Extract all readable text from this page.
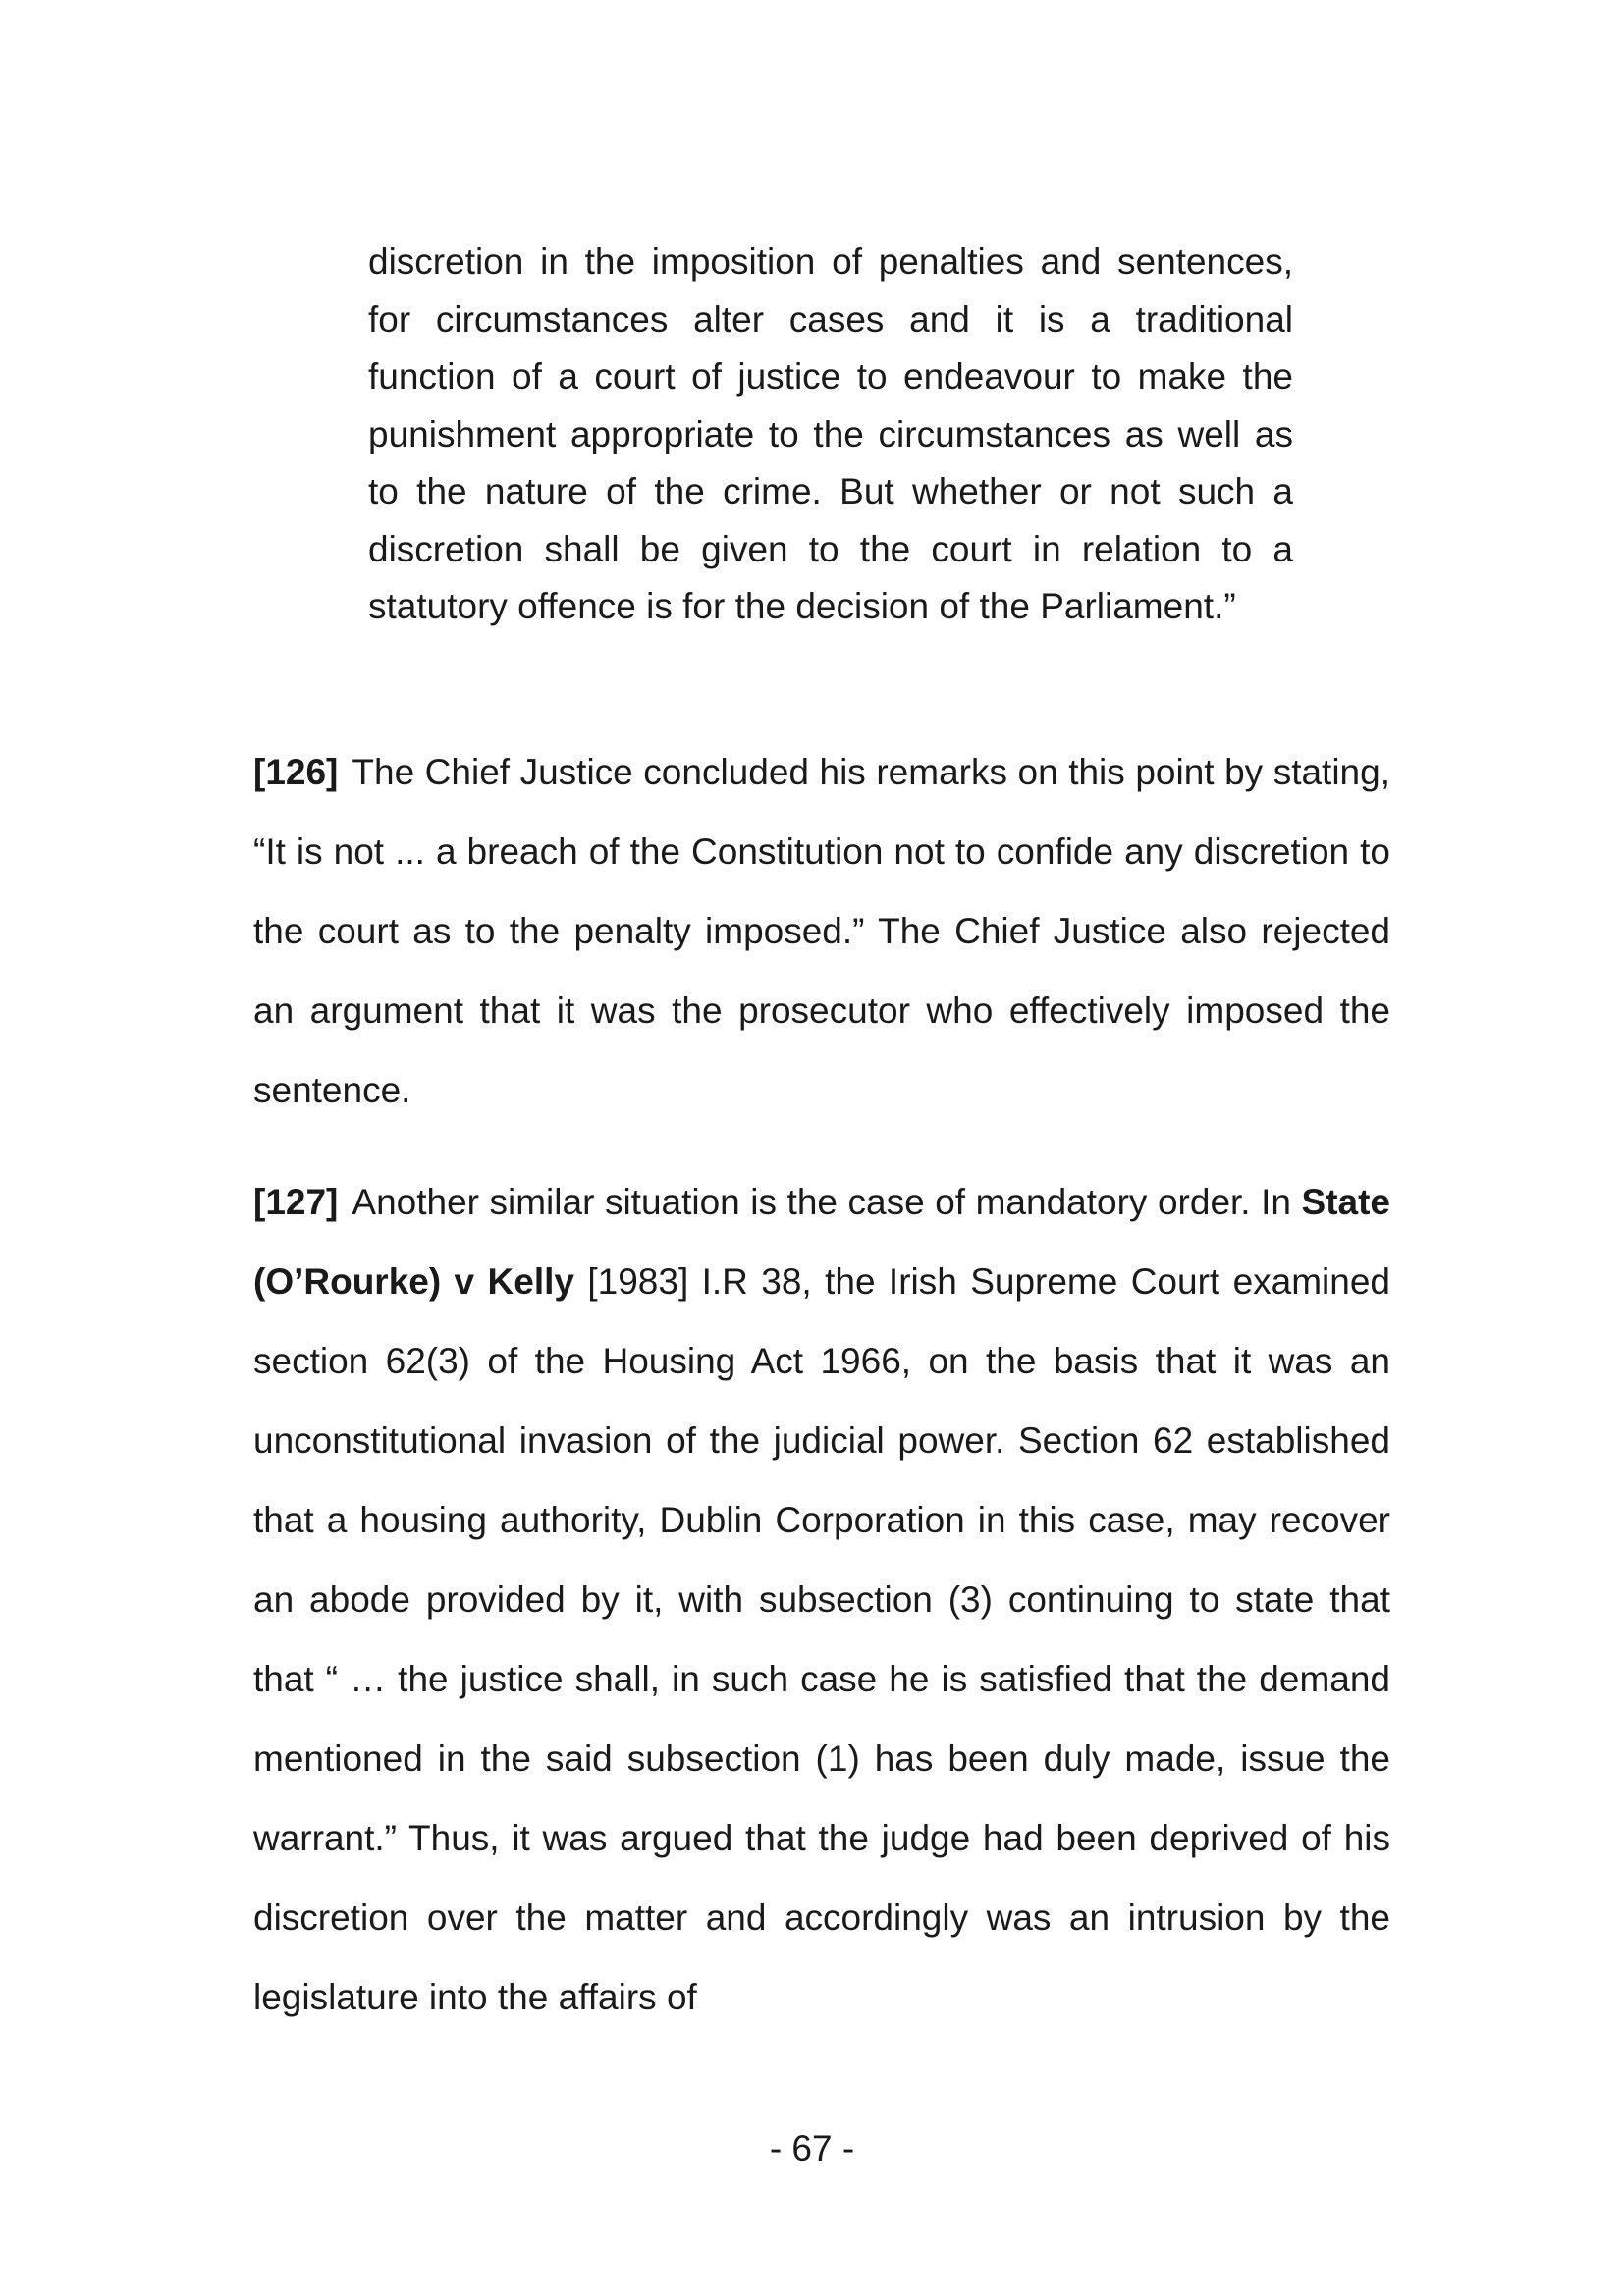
discretion in the imposition of penalties and sentences, for circumstances alter cases and it is a traditional function of a court of justice to endeavour to make the punishment appropriate to the circumstances as well as to the nature of the crime. But whether or not such a discretion shall be given to the court in relation to a statutory offence is for the decision of the Parliament.”
[126] The Chief Justice concluded his remarks on this point by stating, “It is not ... a breach of the Constitution not to confide any discretion to the court as to the penalty imposed.” The Chief Justice also rejected an argument that it was the prosecutor who effectively imposed the sentence.
[127] Another similar situation is the case of mandatory order. In State (O’Rourke) v Kelly [1983] I.R 38, the Irish Supreme Court examined section 62(3) of the Housing Act 1966, on the basis that it was an unconstitutional invasion of the judicial power. Section 62 established that a housing authority, Dublin Corporation in this case, may recover an abode provided by it, with subsection (3) continuing to state that that “ … the justice shall, in such case he is satisfied that the demand mentioned in the said subsection (1) has been duly made, issue the warrant.” Thus, it was argued that the judge had been deprived of his discretion over the matter and accordingly was an intrusion by the legislature into the affairs of
- 67 -
